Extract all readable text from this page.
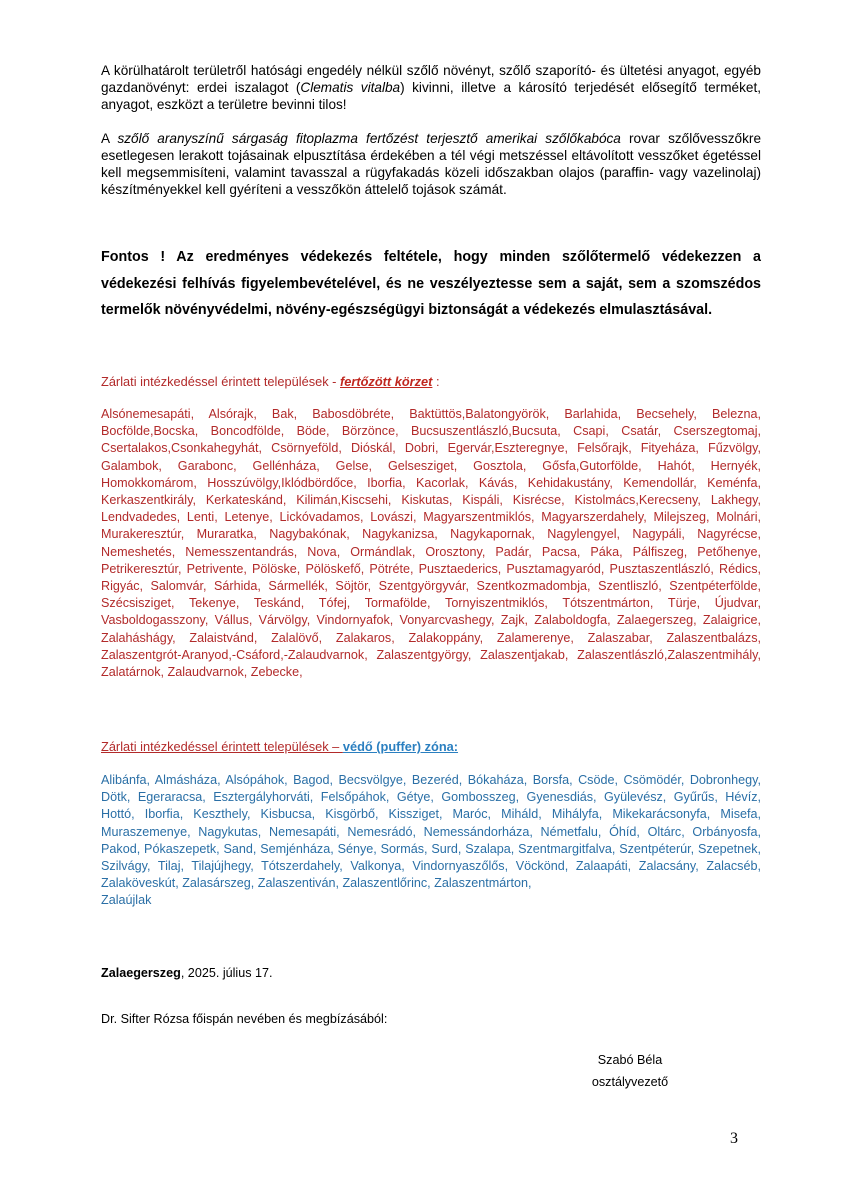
A körülhatárolt területről hatósági engedély nélkül szőlő növényt, szőlő szaporító- és ültetési anyagot, egyéb gazdanövényt: erdei iszalagot (Clematis vitalba) kivinni, illetve a károsító terjedését elősegítő terméket, anyagot, eszközt a területre bevinni tilos!

A szőlő aranyszínű sárgaság fitoplazma fertőzést terjesztő amerikai szőlőkabóca rovar szőlővesszőkre esetlegesen lerakott tojásainak elpusztítása érdekében a tél végi metszéssel eltávolított vesszőket égetéssel kell megsemmisíteni, valamint tavasszal a rügyfakadás közeli időszakban olajos (paraffin- vagy vazelinolaj) készítményekkel kell gyéríteni a vesszőkön áttelelő tojások számát.

Fontos ! Az eredményes védekezés feltétele, hogy minden szőlőtermelő védekezzen a védekezési felhívás figyelembevételével, és ne veszélyeztesse sem a saját, sem a szomszédos termelők növényvédelmi, növény-egészségügyi biztonságát a védekezés elmulasztásával.

Zárlati intézkedéssel érintett települések - fertőzött körzet :

Alsónemesapáti, Alsórajk, Bak, Babosdöbréte, Baktüttös,Balatongyörök, Barlahida, Becsehely, Belezna, Bocfölde,Bocska, Boncodfölde, Böde, Börzönce, Bucsuszentlászló,Bucsuta, Csapi, Csatár, Cserszegtomaj, Csertalakos,Csonkahegyhát, Csörnyeföld, Dióskál, Dobri, Egervár,Eszteregnye, Felsőrajk, Fityeháza, Fűzvölgy, Galambok, Garabonc, Gellénháza, Gelse, Gelsesziget, Gosztola, Gősfa,Gutorfölde, Hahót, Hernyék, Homokkomárom, Hosszúvölgy,Iklódbördőce, Iborfia, Kacorlak, Kávás, Kehidakustány, Kemendollár, Keménfa, Kerkaszentkirály, Kerkateskánd, Kilimán,Kiscsehi, Kiskutas, Kispáli, Kisrécse, Kistolmács,Kerecseny, Lakhegy, Lendvadedes, Lenti, Letenye, Lickóvadamos, Lovászi, Magyarszentmiklós, Magyarszerdahely, Milejszeg, Molnári, Murakeresztúr, Muraratka, Nagybakónak, Nagykanizsa, Nagykapornak, Nagylengyel, Nagypáli, Nagyrécse, Nemeshetés, Nemesszentandrás, Nova, Ormándlak, Orosztony, Padár, Pacsa, Páka, Pálfiszeg, Petőhenye, Petrikeresztúr, Petrivente, Pölöske, Pölöskefő, Pötréte, Pusztaederics, Pusztamagyaród, Pusztaszentlászló, Rédics, Rigyác, Salomvár, Sárhida, Sármellék, Söjtör, Szentgyörgyvár, Szentkozmadombja, Szentliszló, Szentpéterfölde, Szécsisziget, Tekenye, Teskánd, Tófej, Tormafölde, Tornyiszentmiklós, Tótszentmárton, Türje, Újudvar, Vasboldogasszony, Vállus, Várvölgy, Vindornyafok, Vonyarcvashegy, Zajk, Zalaboldogfa, Zalaegerszeg, Zalaigrice, Zalaháshágy, Zalaistvánd, Zalalövő, Zalakaros, Zalakoppány, Zalamerenye, Zalaszabar, Zalaszentbalázs, Zalaszentgrót-Aranyod,-Csáford,-Zalaudvarnok, Zalaszentgyörgy, Zalaszentjakab, Zalaszentlászló,Zalaszentmihály, Zalatárnok, Zalaudvarnok, Zebecke,

Zárlati intézkedéssel érintett települések – védő (puffer) zóna:

Alibánfa, Almásháza, Alsópáhok, Bagod, Becsvölgye, Bezeréd, Bókaháza, Borsfa, Csöde, Csömödér, Dobronhegy, Dötk, Egeraracsa, Esztergályhorváti, Felsőpáhok, Gétye, Gombosszeg, Gyenesdiás, Gyülevész, Gyűrűs, Hévíz, Hottó, Iborfia, Keszthely, Kisbucsa, Kisgörbő, Kissziget, Maróc, Miháld, Mihályfa, Mikekarácsonyfa, Misefa, Muraszemenye, Nagykutas, Nemesapáti, Nemesrádó, Nemessándorháza, Németfalu, Óhíd, Oltárc, Orbányosfa, Pakod, Pókaszepetk, Sand, Semjénháza, Sénye, Sormás, Surd, Szalapa, Szentmargitfalva, Szentpéterúr, Szepetnek, Szilvágy, Tilaj, Tilajújhegy, Tótszerdahely, Valkonya, Vindornyaszőlős, Vöckönd, Zalaapáti, Zalacsány, Zalacséb, Zalaköveskút, Zalasárszeg, Zalaszentiván, Zalaszentlőrinc, Zalaszentmárton,

Zalaújlak

Zalaegerszeg, 2025. július 17.

Dr. Sifter Rózsa főispán nevében és megbízásából:

Szabó Béla
osztályvezető
3
